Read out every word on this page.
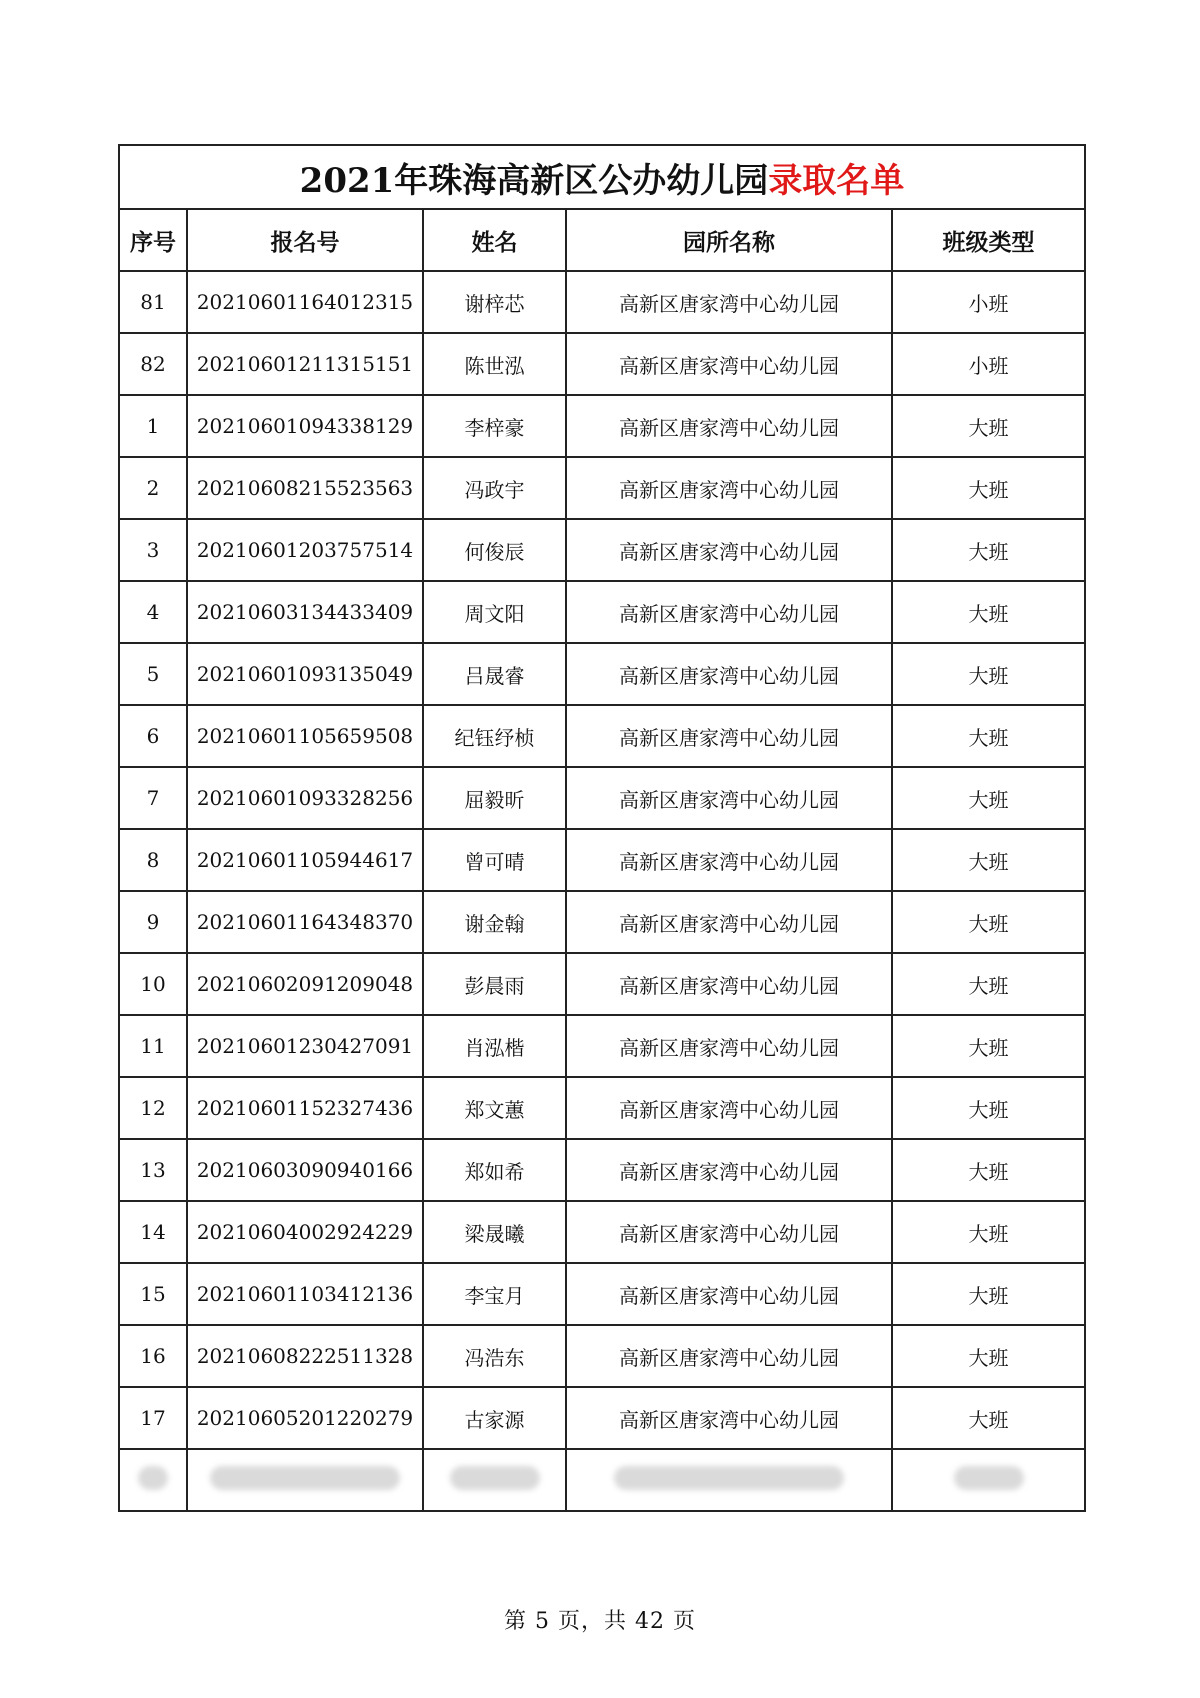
2021年珠海高新区公办幼儿园录取名单				
序号	报名号	姓名	园所名称	班级类型
81	20210601164012315	谢梓芯	高新区唐家湾中心幼儿园	小班
82	20210601211315151	陈世泓	高新区唐家湾中心幼儿园	小班
1	20210601094338129	李梓豪	高新区唐家湾中心幼儿园	大班
2	20210608215523563	冯政宇	高新区唐家湾中心幼儿园	大班
3	20210601203757514	何俊辰	高新区唐家湾中心幼儿园	大班
4	20210603134433409	周文阳	高新区唐家湾中心幼儿园	大班
5	20210601093135049	吕晟睿	高新区唐家湾中心幼儿园	大班
6	20210601105659508	纪钰纾桢	高新区唐家湾中心幼儿园	大班
7	20210601093328256	屈毅昕	高新区唐家湾中心幼儿园	大班
8	20210601105944617	曾可晴	高新区唐家湾中心幼儿园	大班
9	20210601164348370	谢金翰	高新区唐家湾中心幼儿园	大班
10	20210602091209048	彭晨雨	高新区唐家湾中心幼儿园	大班
11	20210601230427091	肖泓楷	高新区唐家湾中心幼儿园	大班
12	20210601152327436	郑文蕙	高新区唐家湾中心幼儿园	大班
13	20210603090940166	郑如希	高新区唐家湾中心幼儿园	大班
14	20210604002924229	梁晟曦	高新区唐家湾中心幼儿园	大班
15	20210601103412136	李宝月	高新区唐家湾中心幼儿园	大班
16	20210608222511328	冯浩东	高新区唐家湾中心幼儿园	大班
17	20210605201220279	古家源	高新区唐家湾中心幼儿园	大班

第 5 页，共 42 页
